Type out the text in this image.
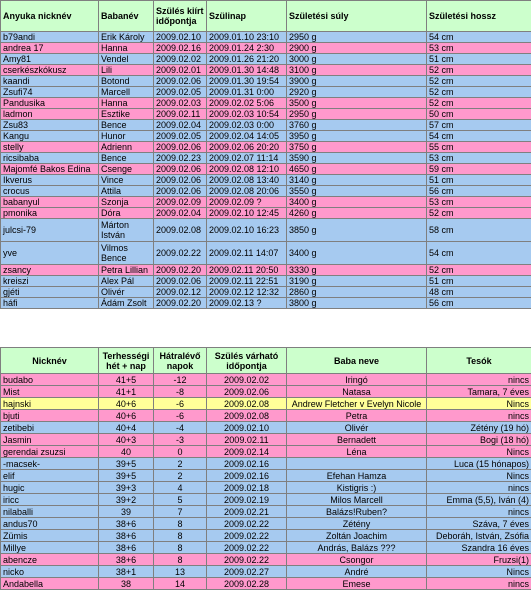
Anyuka nicknév	Babanév	Szülés kiírt időpontja	Szülinap	Születési súly	Születési hossz
b79andi	Erik Károly	2009.02.10	2009.01.10 23:10	2950 g	54 cm
andrea 17	Hanna	2009.02.16	2009.01.24 2:30	2900 g	53 cm
Amy81	Vendel	2009.02.02	2009.01.26 21:20	3000 g	51 cm
cserkészkókusz	Lili	2009.02.01	2009.01.30 14:48	3100 g	52 cm
kaandi	Botond	2009.02.06	2009.01.30 19:54	3900 g	52 cm
Zsufi74	Marcell	2009.02.05	2009.01.31 0:00	2920 g	52 cm
Pandusika	Hanna	2009.02.03	2009.02.02 5:06	3500 g	52 cm
ladmon	Esztike	2009.02.11	2009.02.03 10:54	2950 g	50 cm
Zsu83	Bence	2009.02.04	2009.02.03 0:00	3760 g	57 cm
Kangu	Hunor	2009.02.05	2009.02.04 14:05	3950 g	54 cm
stelly	Adrienn	2009.02.06	2009.02.06 20:20	3750 g	55 cm
ricsibaba	Bence	2009.02.23	2009.02.07 11:14	3590 g	53 cm
Majomfé Bakos Edina	Csenge	2009.02.06	2009.02.08 12:10	4650 g	59 cm
Ikverus	Vince	2009.02.06	2009.02.08 13:40	3140 g	51 cm
crocus	Attila	2009.02.06	2009.02.08 20:06	3550 g	56 cm
babanyul	Szonja	2009.02.09	2009.02.09 ?	3400 g	53 cm
pmonika	Dóra	2009.02.04	2009.02.10 12:45	4260 g	52 cm
julcsi-79	Márton István	2009.02.08	2009.02.10 16:23	3850 g	58 cm
yve	Vilmos Bence	2009.02.22	2009.02.11 14:07	3400 g	54 cm
zsancy	Petra Lillian	2009.02.20	2009.02.11 20:50	3330 g	52 cm
kreiszi	Alex Pál	2009.02.06	2009.02.11 22:51	3190 g	51 cm
gjéti	Olivér	2009.02.12	2009.02.12 12:32	2860 g	48 cm
háfi	Ádám Zsolt	2009.02.20	2009.02.13 ?	3800 g	56 cm
Nicknév	Terhességi hét + nap	Hátralévő napok	Szülés várható időpontja	Baba neve	Tesók
budabo	41+5	-12	2009.02.02	Iringó	nincs
Mist	41+1	-8	2009.02.06	Natasa	Tamara, 7 éves
hajnski	40+6	-6	2009.02.08	Andrew Fletcher v Evelyn Nicole	Nincs
bjuti	40+6	-6	2009.02.08	Petra	nincs
zetibebi	40+4	-4	2009.02.10	Olivér	Zétény (19 hó)
Jasmin	40+3	-3	2009.02.11	Bernadett	Bogi (18 hó)
gerendai zsuzsi	40	0	2009.02.14	Léna	Nincs
-macsek-	39+5	2	2009.02.16		Luca (15 hónapos)
elif	39+5	2	2009.02.16	Efehan Hamza	Nincs
hugic	39+3	4	2009.02.18	Kistigris :)	nincs
iricc	39+2	5	2009.02.19	Milos Marcell	Emma (5,5), Iván (4)
nilaballi	39	7	2009.02.21	Balázs!Ruben?	nincs
andus70	38+6	8	2009.02.22	Zétény	Száva, 7 éves
Zümis	38+6	8	2009.02.22	Zoltán Joachim	Deboráh, István, Zsófia
Millye	38+6	8	2009.02.22	András, Balázs ???	Szandra 16 éves
abencze	38+6	8	2009.02.22	Csongor	Fruzsi(1)
nicko	38+1	13	2009.02.27	André	Nincs
Andabella	38	14	2009.02.28	Emese	nincs
